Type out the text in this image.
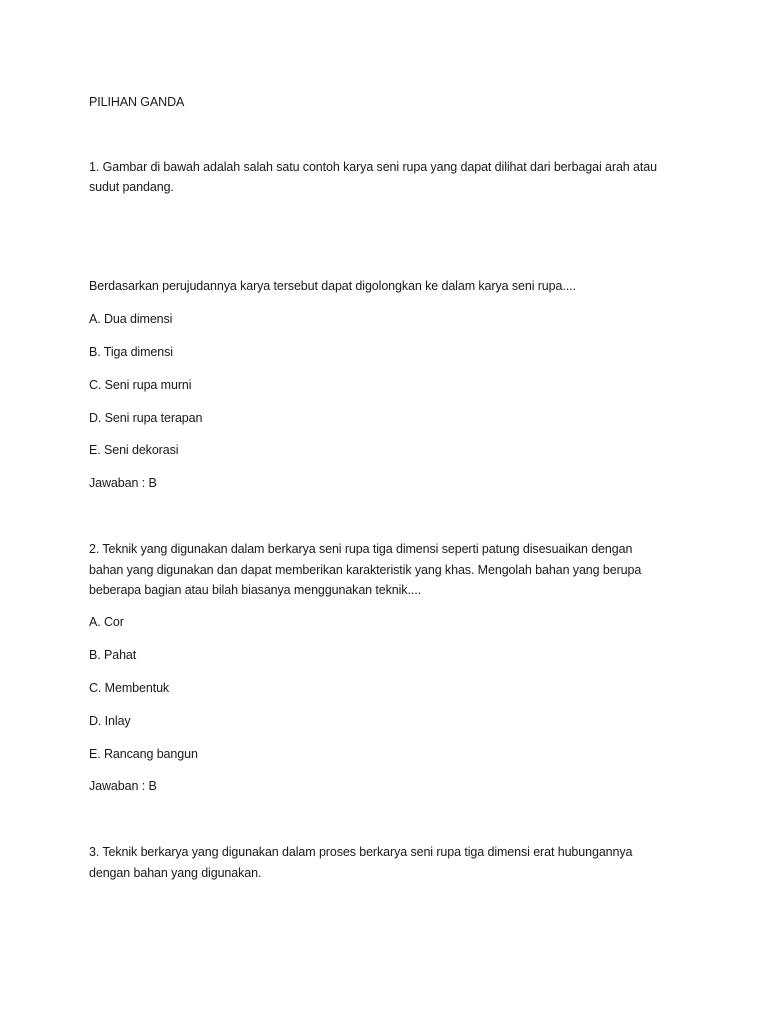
PILIHAN GANDA
1. Gambar di bawah adalah salah satu contoh karya seni rupa yang dapat dilihat dari berbagai arah atau
sudut pandang.
Berdasarkan perujudannya karya tersebut dapat digolongkan ke dalam karya seni rupa....
A. Dua dimensi
B. Tiga dimensi
C. Seni rupa murni
D. Seni rupa terapan
E. Seni dekorasi
Jawaban : B
2. Teknik yang digunakan dalam berkarya seni rupa tiga dimensi seperti patung disesuaikan dengan
bahan yang digunakan dan dapat memberikan karakteristik yang khas. Mengolah bahan yang berupa
beberapa bagian atau bilah biasanya menggunakan teknik....
A. Cor
B. Pahat
C. Membentuk
D. Inlay
E. Rancang bangun
Jawaban : B
3. Teknik berkarya yang digunakan dalam proses berkarya seni rupa tiga dimensi erat hubungannya
dengan bahan yang digunakan.
